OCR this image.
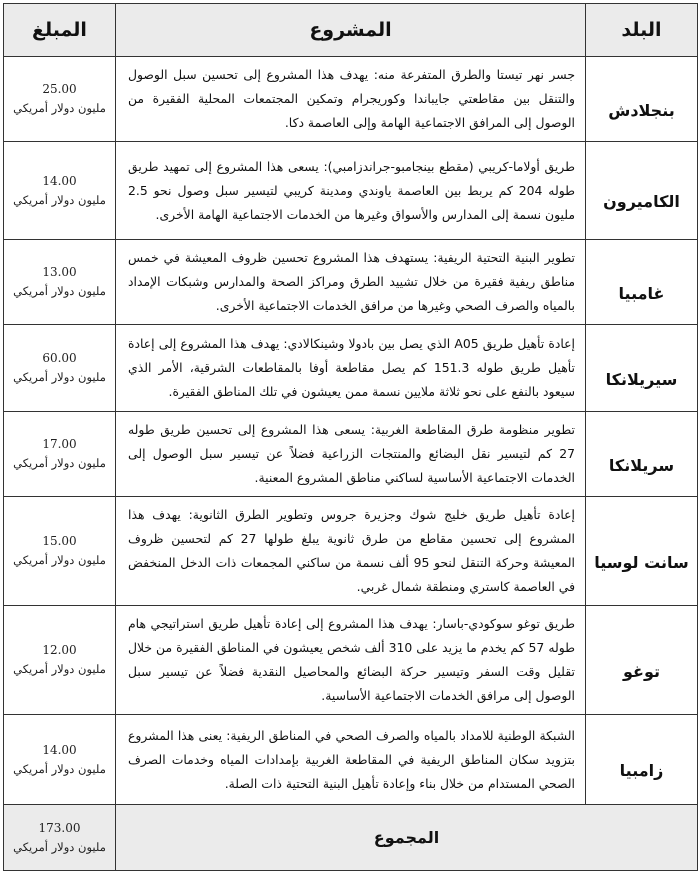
البلد	المشروع	المبلغ
بنجلادش	جسر نهر تيستا والطرق المتفرعة منه: يهدف هذا المشروع إلى تحسين سبل الوصول والتنقل بين مقاطعتي جايباندا وكوريجرام وتمكين المجتمعات المحلية الفقيرة من الوصول إلى المرافق الاجتماعية الهامة وإلى العاصمة دكا.	25.00
مليون دولار أمريكي

الكاميرون	طريق أولاما-كريبي (مقطع بينجامبو-جراندزامبي): يسعى هذا المشروع إلى تمهيد طريق طوله 204 كم يربط بين العاصمة ياوندي ومدينة كريبي لتيسير سبل وصول نحو 2.5 مليون نسمة إلى المدارس والأسواق وغيرها من الخدمات الاجتماعية الهامة الأخرى.	14.00
مليون دولار أمريكي

غامبيا	تطوير البنية التحتية الريفية: يستهدف هذا المشروع تحسين ظروف المعيشة في خمس مناطق ريفية فقيرة من خلال تشييد الطرق ومراكز الصحة والمدارس وشبكات الإمداد بالمياه والصرف الصحي وغيرها من مرافق الخدمات الاجتماعية الأخرى.	13.00
مليون دولار أمريكي

سيريلانكا	إعادة تأهيل طريق A05 الذي يصل بين بادولا وشينكالادي: يهدف هذا المشروع إلى إعادة تأهيل طريق طوله 151.3 كم يصل مقاطعة أوفا بالمقاطعات الشرقية، الأمر الذي سيعود بالنفع على نحو ثلاثة ملايين نسمة ممن يعيشون في تلك المناطق الفقيرة.	60.00
مليون دولار أمريكي

سريلانكا	تطوير منظومة طرق المقاطعة الغربية: يسعى هذا المشروع إلى تحسين طريق طوله 27 كم لتيسير نقل البضائع والمنتجات الزراعية فضلاً عن تيسير سبل الوصول إلى الخدمات الاجتماعية الأساسية لساكني مناطق المشروع المعنية.	17.00
مليون دولار أمريكي

سانت لوسيا	إعادة تأهيل طريق خليج شوك وجزيرة جروس وتطوير الطرق الثانوية: يهدف هذا المشروع إلى تحسين مقاطع من طرق ثانوية يبلغ طولها 27 كم لتحسين ظروف المعيشة وحركة التنقل لنحو 95 ألف نسمة من ساكني المجمعات ذات الدخل المنخفض في العاصمة كاستري ومنطقة شمال غربي.	15.00
مليون دولار أمريكي

توغو	طريق توغو سوكودي-باسار: يهدف هذا المشروع إلى إعادة تأهيل طريق استراتيجي هام طوله 57 كم يخدم ما يزيد على 310 ألف شخص يعيشون في المناطق الفقيرة من خلال تقليل وقت السفر وتيسير حركة البضائع والمحاصيل النقدية فضلاً عن تيسير سبل الوصول إلى مرافق الخدمات الاجتماعية الأساسية.	12.00
مليون دولار أمريكي

زامبيا	الشبكة الوطنية للامداد بالمياه والصرف الصحي في المناطق الريفية: يعنى هذا المشروع بتزويد سكان المناطق الريفية في المقاطعة الغربية بإمدادات المياه وخدمات الصرف الصحي المستدام من خلال بناء وإعادة تأهيل البنية التحتية ذات الصلة.	14.00
مليون دولار أمريكي

المجموع		173.00
مليون دولار أمريكي
